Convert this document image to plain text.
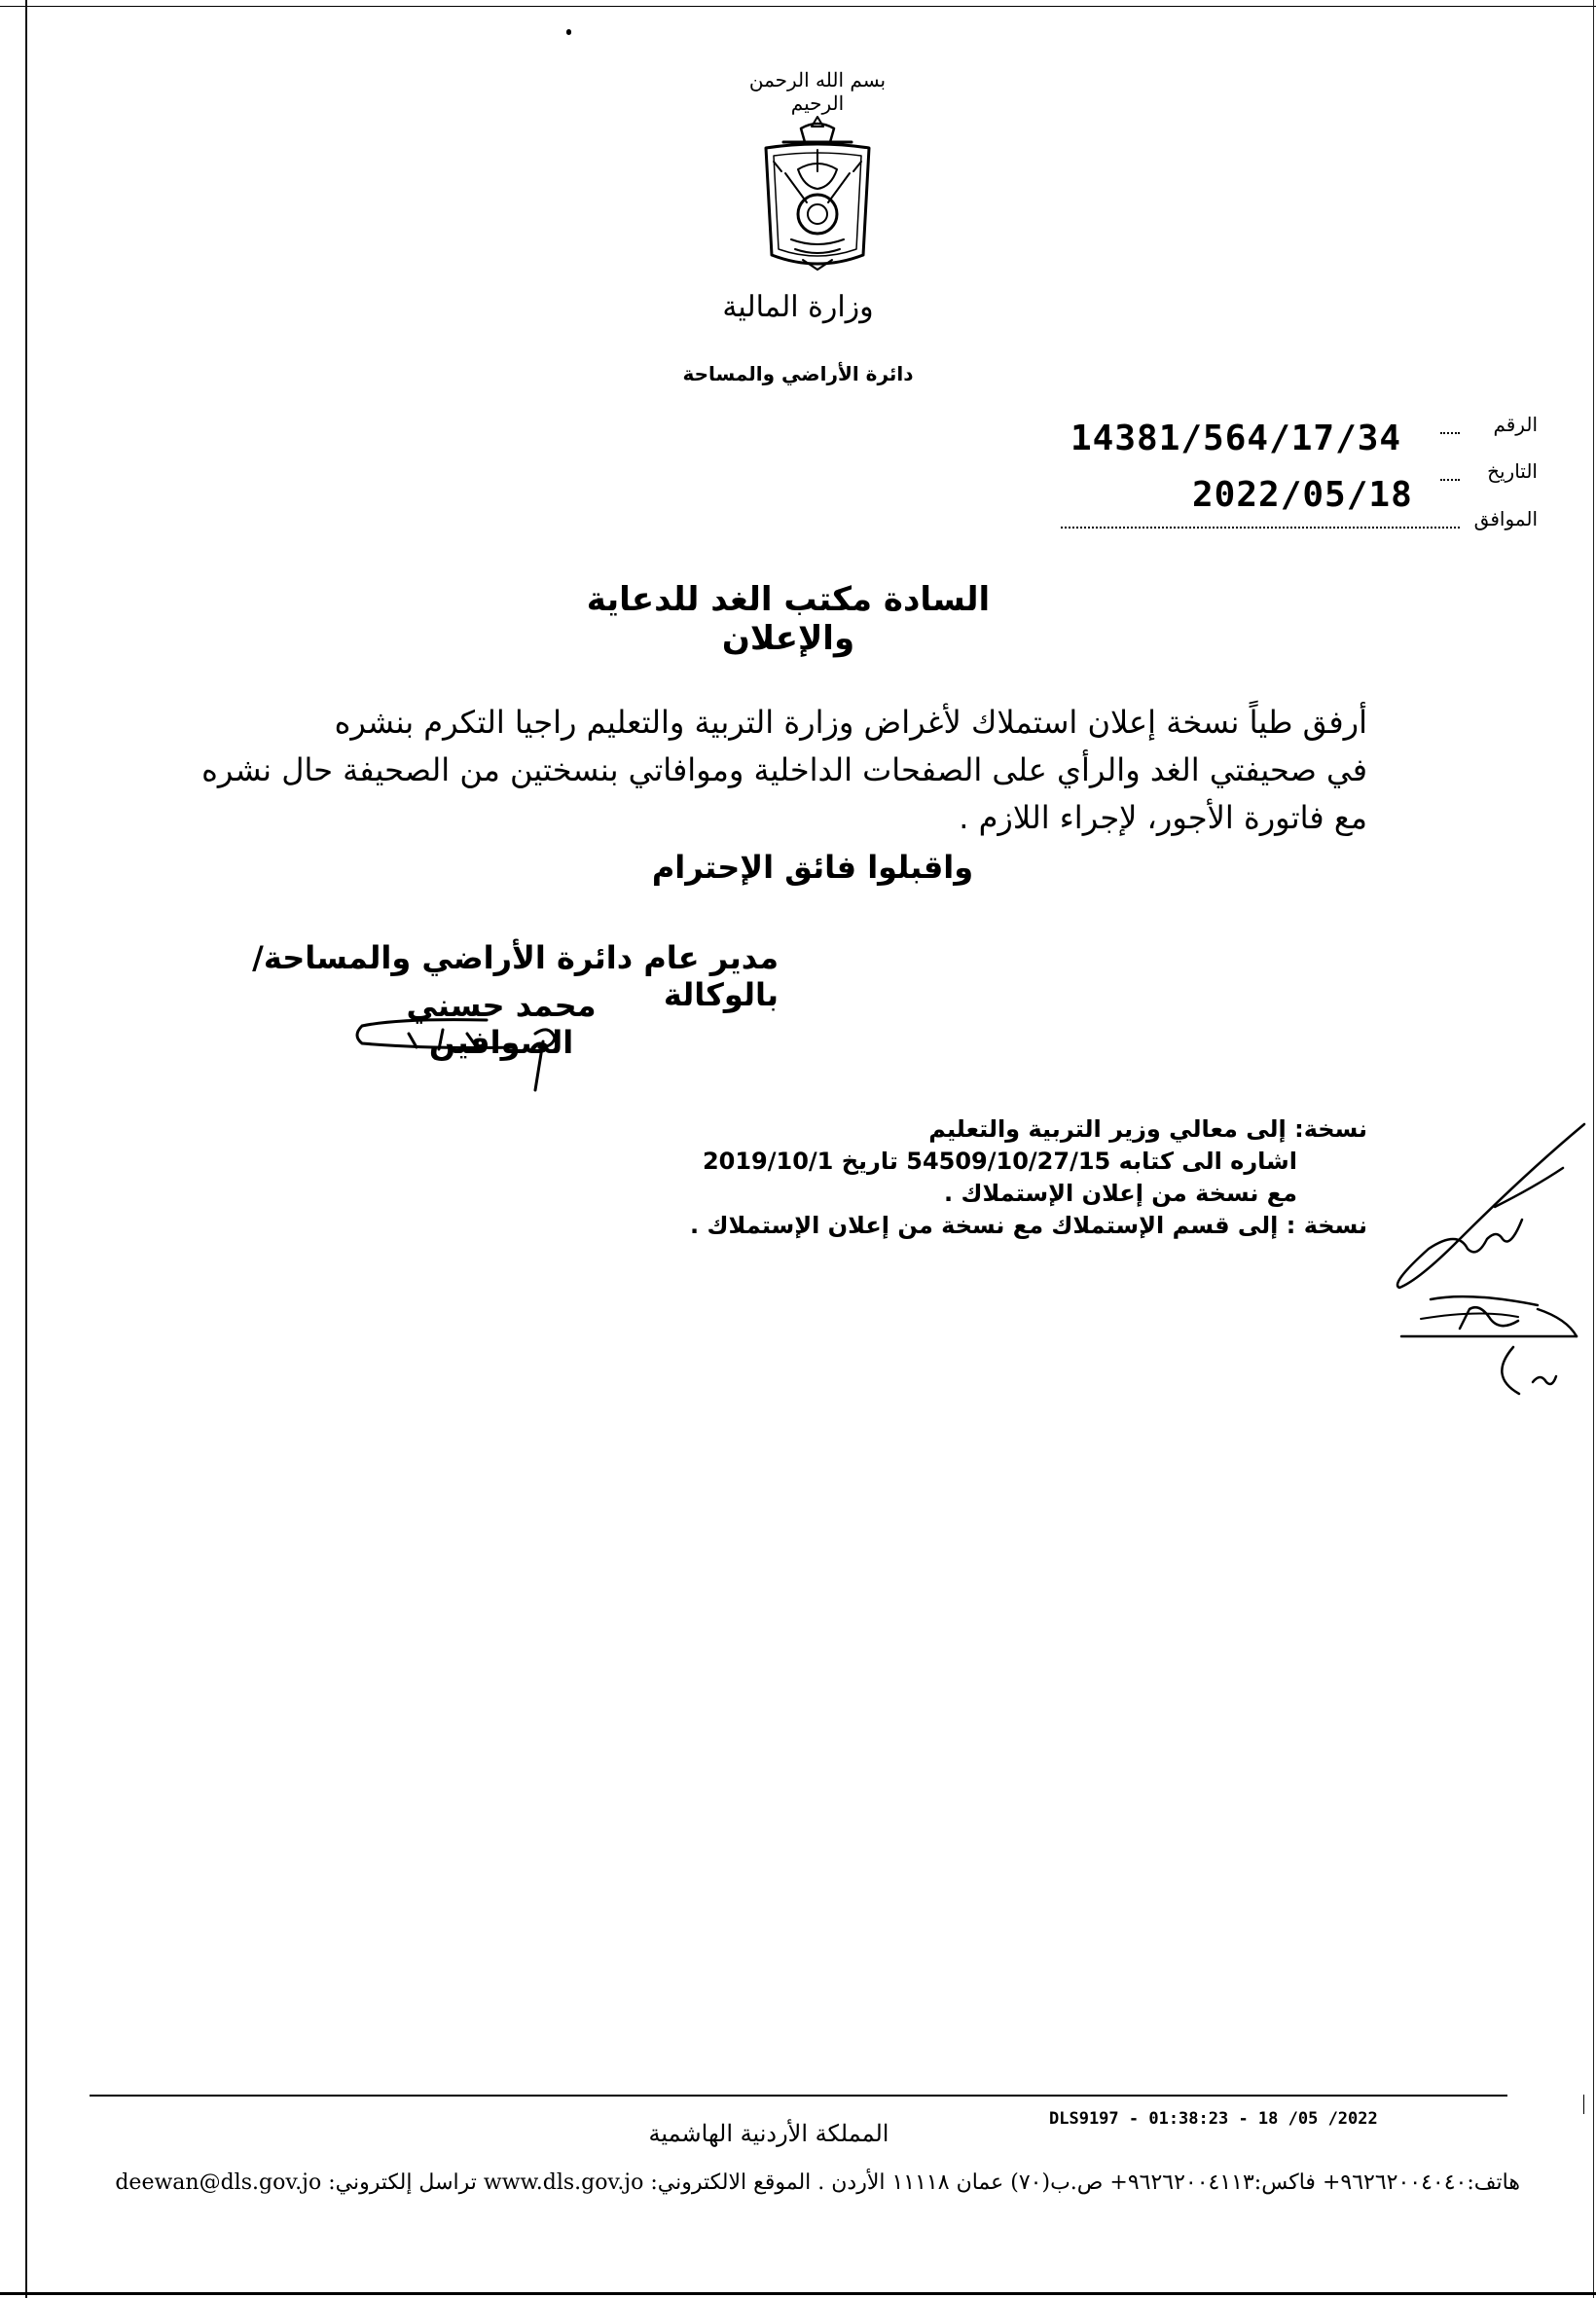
بسم الله الرحمن الرحيم
وزارة المالية
دائرة الأراضي والمساحة
الرقم
14381/564/17/34
التاريخ
2022/05/18
الموافق
السادة مكتب الغد للدعاية والإعلان
أرفق طياً نسخة إعلان استملاك لأغراض وزارة التربية والتعليم راجيا التكرم بنشره
في صحيفتي الغد والرأي على الصفحات الداخلية وموافاتي بنسختين من الصحيفة حال نشره
مع فاتورة الأجور، لإجراء اللازم .
واقبلوا فائق الإحترام
مدير عام دائرة الأراضي والمساحة/بالوكالة
محمد حسني الصوافين
نسخة: إلى معالي وزير التربية والتعليم
اشاره الى كتابه 54509/10/27/15 تاريخ 2019/10/1
مع نسخة من إعلان الإستملاك .
نسخة : إلى قسم الإستملاك مع نسخة من إعلان الإستملاك .
المملكة الأردنية الهاشمية
DLS9197 - 01:38:23 - 18 /05 /2022
هاتف:٩٦٢٦٢٠٠٤٠٤٠+ فاكس:٩٦٢٦٢٠٠٤١١٣+ ص.ب(٧٠) عمان ١١١١٨ الأردن . الموقع الالكتروني: www.dls.gov.jo تراسل إلكتروني: deewan@dls.gov.jo
